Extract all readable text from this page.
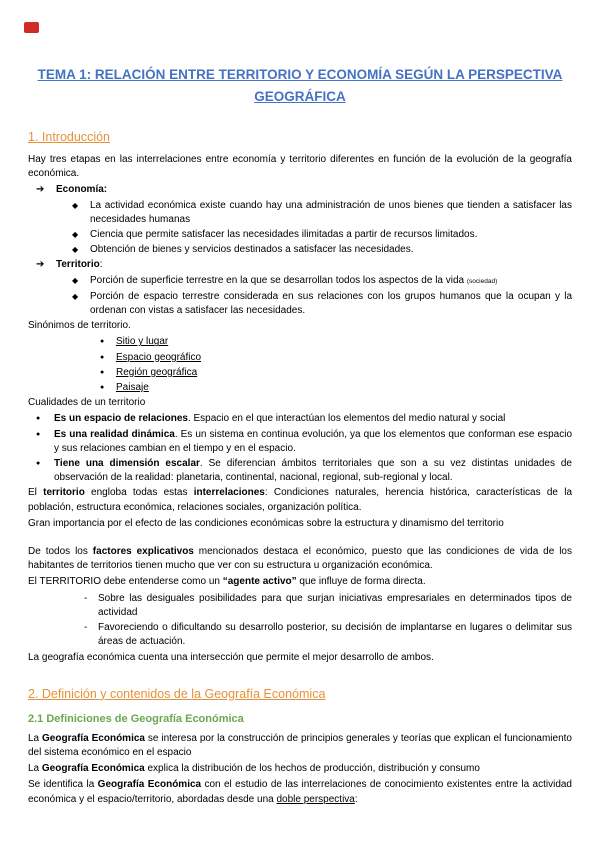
TEMA 1: RELACIÓN ENTRE TERRITORIO Y ECONOMÍA SEGÚN LA PERSPECTIVA GEOGRÁFICA
1. Introducción

Hay tres etapas en las interrelaciones entre economía y territorio diferentes en función de la evolución de la geografía económica.

➔	Economía:
◆	La actividad económica existe cuando hay una administración de unos bienes que tienden a satisfacer las necesidades humanas
◆	Ciencia que permite satisfacer las necesidades ilimitadas a partir de recursos limitados.
◆	Obtención de bienes y servicios destinados a satisfacer las necesidades.
➔	Territorio:
◆	Porción de superficie terrestre en la que se desarrollan todos los aspectos de la vida (sociedad)
◆	Porción de espacio terrestre considerada en sus relaciones con los grupos humanos que la ocupan y la ordenan con vistas a satisfacer las necesidades.

Sinónimos de territorio.

●	Sitio y lugar
●	Espacio geográfico
●	Región geográfica
●	Paisaje

Cualidades de un territorio

●	Es un espacio de relaciones. Espacio en el que interactúan los elementos del medio natural y social
●	Es una realidad dinámica. Es un sistema en continua evolución, ya que los elementos que conforman ese espacio y sus relaciones cambian en el tiempo y en el espacio.
●	Tiene una dimensión escalar. Se diferencian ámbitos territoriales que son a su vez distintas unidades de observación de la realidad: planetaria, continental, nacional, regional, sub-regional y local.

El territorio engloba todas estas interrelaciones: Condiciones naturales, herencia histórica, características de la población, estructura económica, relaciones sociales, organización política.

Gran importancia por el efecto de las condiciones económicas sobre la estructura y dinamismo del territorio

De todos los factores explicativos mencionados destaca el económico, puesto que las condiciones de vida de los habitantes de territorios tienen mucho que ver con su estructura u organización económica.

El TERRITORIO debe entenderse como un “agente activo” que influye de forma directa.

-	Sobre las desiguales posibilidades para que surjan iniciativas empresariales en determinados tipos de actividad
-	Favoreciendo o dificultando su desarrollo posterior, su decisión de implantarse en lugares o delimitar sus áreas de actuación.

La geografía económica cuenta una intersección que permite el mejor desarrollo de ambos.

2. Definición y contenidos de la Geografía Económica
2.1 Definiciones de Geografía Económica

La Geografía Económica se interesa por la construcción de principios generales y teorías que explican el funcionamiento del sistema económico en el espacio

La Geografía Económica explica la distribución de los hechos de producción, distribución y consumo

Se identifica la Geografía Económica con el estudio de las interrelaciones de conocimiento existentes entre la actividad económica y el espacio/territorio, abordadas desde una doble perspectiva:
